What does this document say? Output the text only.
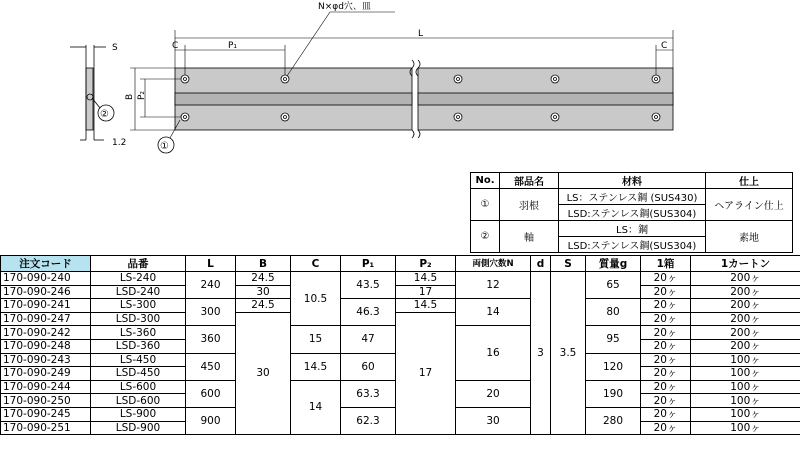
S
②
1.2
C	P₁
L
C
N×φd穴、皿
B P₂
①
No.	部品名	材料	仕上
①	羽根	LS：ステンレス鋼 (SUS430)	ヘアライン仕上
		LSD:ステンレス鋼(SUS304)	
②	軸	LS：鋼	素地
		LSD:ステンレス鋼(SUS304)	
注文コード	品番	L	B	C	P₁	P₂	両側穴数N	d	S	質量g	1箱	1カートン
170-090-240	LS-240	240	24.5	10.5	43.5	14.5	12	3	3.5	65	20ヶ	200ヶ
170-090-246	LSD-240		30			17					20ヶ	200ヶ
170-090-241	LS-300	300	24.5		46.3	14.5	14			80	20ヶ	200ヶ
170-090-247	LSD-300		30			17					20ヶ	200ヶ
170-090-242	LS-360	360		15	47		16			95	20ヶ	200ヶ
170-090-248	LSD-360										20ヶ	200ヶ
170-090-243	LS-450	450		14.5	60					120	20ヶ	100ヶ
170-090-249	LSD-450										20ヶ	100ヶ
170-090-244	LS-600	600		14	63.3		20			190	20ヶ	100ヶ
170-090-250	LSD-600										20ヶ	100ヶ
170-090-245	LS-900	900			62.3		30			280	20ヶ	100ヶ
170-090-251	LSD-900										20ヶ	100ヶ
